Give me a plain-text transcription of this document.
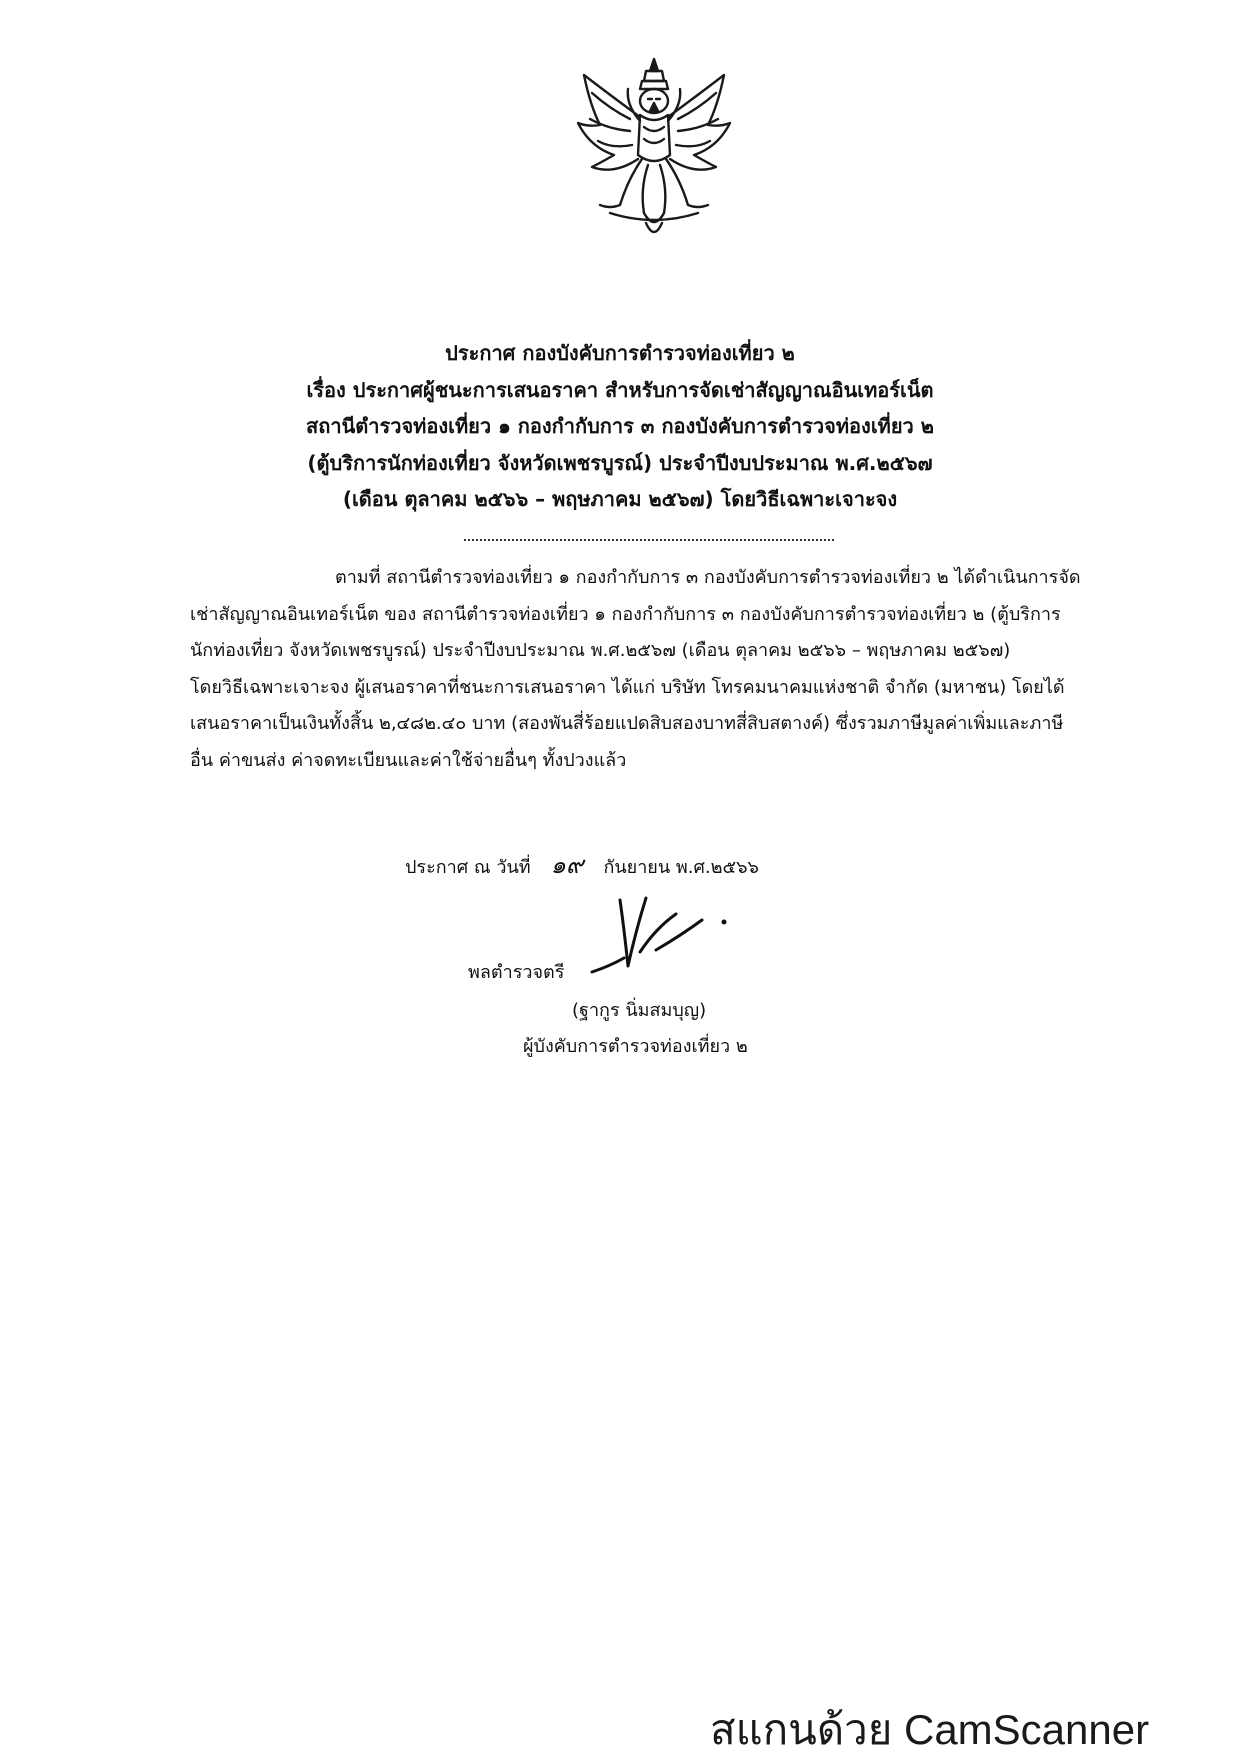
ประกาศ กองบังคับการตำรวจท่องเที่ยว ๒
เรื่อง ประกาศผู้ชนะการเสนอราคา สำหรับการจัดเช่าสัญญาณอินเทอร์เน็ต
สถานีตำรวจท่องเที่ยว ๑ กองกำกับการ ๓ กองบังคับการตำรวจท่องเที่ยว ๒
(ตู้บริการนักท่องเที่ยว จังหวัดเพชรบูรณ์) ประจำปีงบประมาณ พ.ศ.๒๕๖๗
(เดือน ตุลาคม ๒๕๖๖ – พฤษภาคม ๒๕๖๗) โดยวิธีเฉพาะเจาะจง
ตามที่ สถานีตำรวจท่องเที่ยว ๑ กองกำกับการ ๓ กองบังคับการตำรวจท่องเที่ยว ๒ ได้ดำเนินการจัด
เช่าสัญญาณอินเทอร์เน็ต ของ สถานีตำรวจท่องเที่ยว ๑ กองกำกับการ ๓ กองบังคับการตำรวจท่องเที่ยว ๒ (ตู้บริการ
นักท่องเที่ยว จังหวัดเพชรบูรณ์) ประจำปีงบประมาณ พ.ศ.๒๕๖๗ (เดือน ตุลาคม ๒๕๖๖ – พฤษภาคม ๒๕๖๗)
โดยวิธีเฉพาะเจาะจง ผู้เสนอราคาที่ชนะการเสนอราคา ได้แก่ บริษัท โทรคมนาคมแห่งชาติ จำกัด (มหาชน) โดยได้
เสนอราคาเป็นเงินทั้งสิ้น ๒,๔๘๒.๔๐ บาท (สองพันสี่ร้อยแปดสิบสองบาทสี่สิบสตางค์) ซึ่งรวมภาษีมูลค่าเพิ่มและภาษี
อื่น ค่าขนส่ง ค่าจดทะเบียนและค่าใช้จ่ายอื่นๆ ทั้งปวงแล้ว
ประกาศ ณ วันที่ ๑๙	กันยายน พ.ศ.๒๕๖๖
พลตำรวจตรี
(ฐากูร นิ่มสมบุญ)
ผู้บังคับการตำรวจท่องเที่ยว ๒
สแกนด้วย CamScanner
